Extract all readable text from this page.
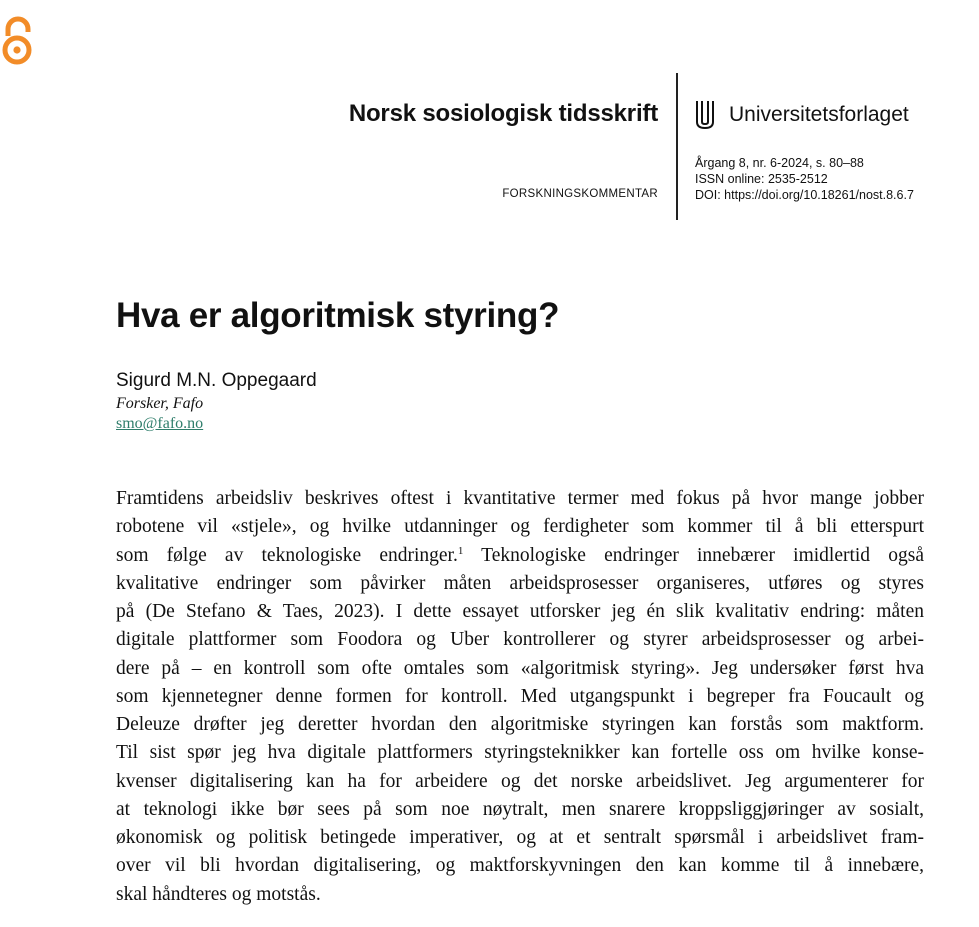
Norsk sosiologisk tidsskrift
FORSKNINGSKOMMENTAR
Universitetsforlaget
Årgang 8, nr. 6-2024, s. 80–88
ISSN online: 2535-2512
DOI: https://doi.org/10.18261/nost.8.6.7
Hva er algoritmisk styring?
Sigurd M.N. Oppegaard
Forsker, Fafo
smo@fafo.no
Framtidens arbeidsliv beskrives oftest i kvantitative termer med fokus på hvor mange jobber
robotene vil «stjele», og hvilke utdanninger og ferdigheter som kommer til å bli etterspurt
som følge av teknologiske endringer.$^1$ Teknologiske endringer innebærer imidlertid også
kvalitative endringer som påvirker måten arbeidsprosesser organiseres, utføres og styres
på (De Stefano & Taes, 2023). I dette essayet utforsker jeg én slik kvalitativ endring: måten
digitale plattformer som Foodora og Uber kontrollerer og styrer arbeidsprosesser og arbei-
dere på – en kontroll som ofte omtales som «algoritmisk styring». Jeg undersøker først hva
som kjennetegner denne formen for kontroll. Med utgangspunkt i begreper fra Foucault og
Deleuze drøfter jeg deretter hvordan den algoritmiske styringen kan forstås som maktform.
Til sist spør jeg hva digitale plattformers styringsteknikker kan fortelle oss om hvilke konse-
kvenser digitalisering kan ha for arbeidere og det norske arbeidslivet. Jeg argumenterer for
at teknologi ikke bør sees på som noe nøytralt, men snarere kroppsliggjøringer av sosialt,
økonomisk og politisk betingede imperativer, og at et sentralt spørsmål i arbeidslivet fram-
over vil bli hvordan digitalisering, og maktforskyvningen den kan komme til å innebære,
skal håndteres og motstås.
